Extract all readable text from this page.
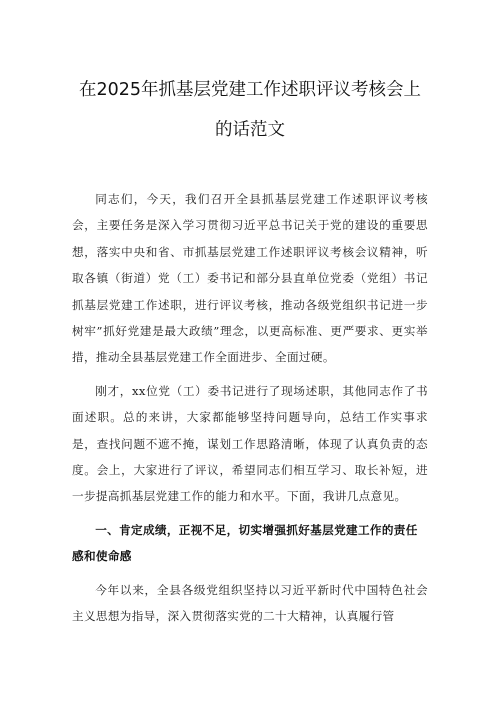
在2025年抓基层党建工作述职评议考核会上
的话范文

同志们，今天，我们召开全县抓基层党建工作述职评议考核会，主要任务是深入学习贯彻习近平总书记关于党的建设的重要思想，落实中央和省、市抓基层党建工作述职评议考核会议精神，听取各镇（街道）党（工）委书记和部分县直单位党委（党组）书记抓基层党建工作述职，进行评议考核，推动各级党组织书记进一步树牢”抓好党建是最大政绩”理念，以更高标准、更严要求、更实举措，推动全县基层党建工作全面进步、全面过硬。

刚才，xx位党（工）委书记进行了现场述职，其他同志作了书面述职。总的来讲，大家都能够坚持问题导向，总结工作实事求是，查找问题不遮不掩，谋划工作思路清晰，体现了认真负责的态度。会上，大家进行了评议，希望同志们相互学习、取长补短，进一步提高抓基层党建工作的能力和水平。下面，我讲几点意见。

一、肯定成绩，正视不足，切实增强抓好基层党建工作的责任感和使命感

今年以来，全县各级党组织坚持以习近平新时代中国特色社会主义思想为指导，深入贯彻落实党的二十大精神，认真履行管
